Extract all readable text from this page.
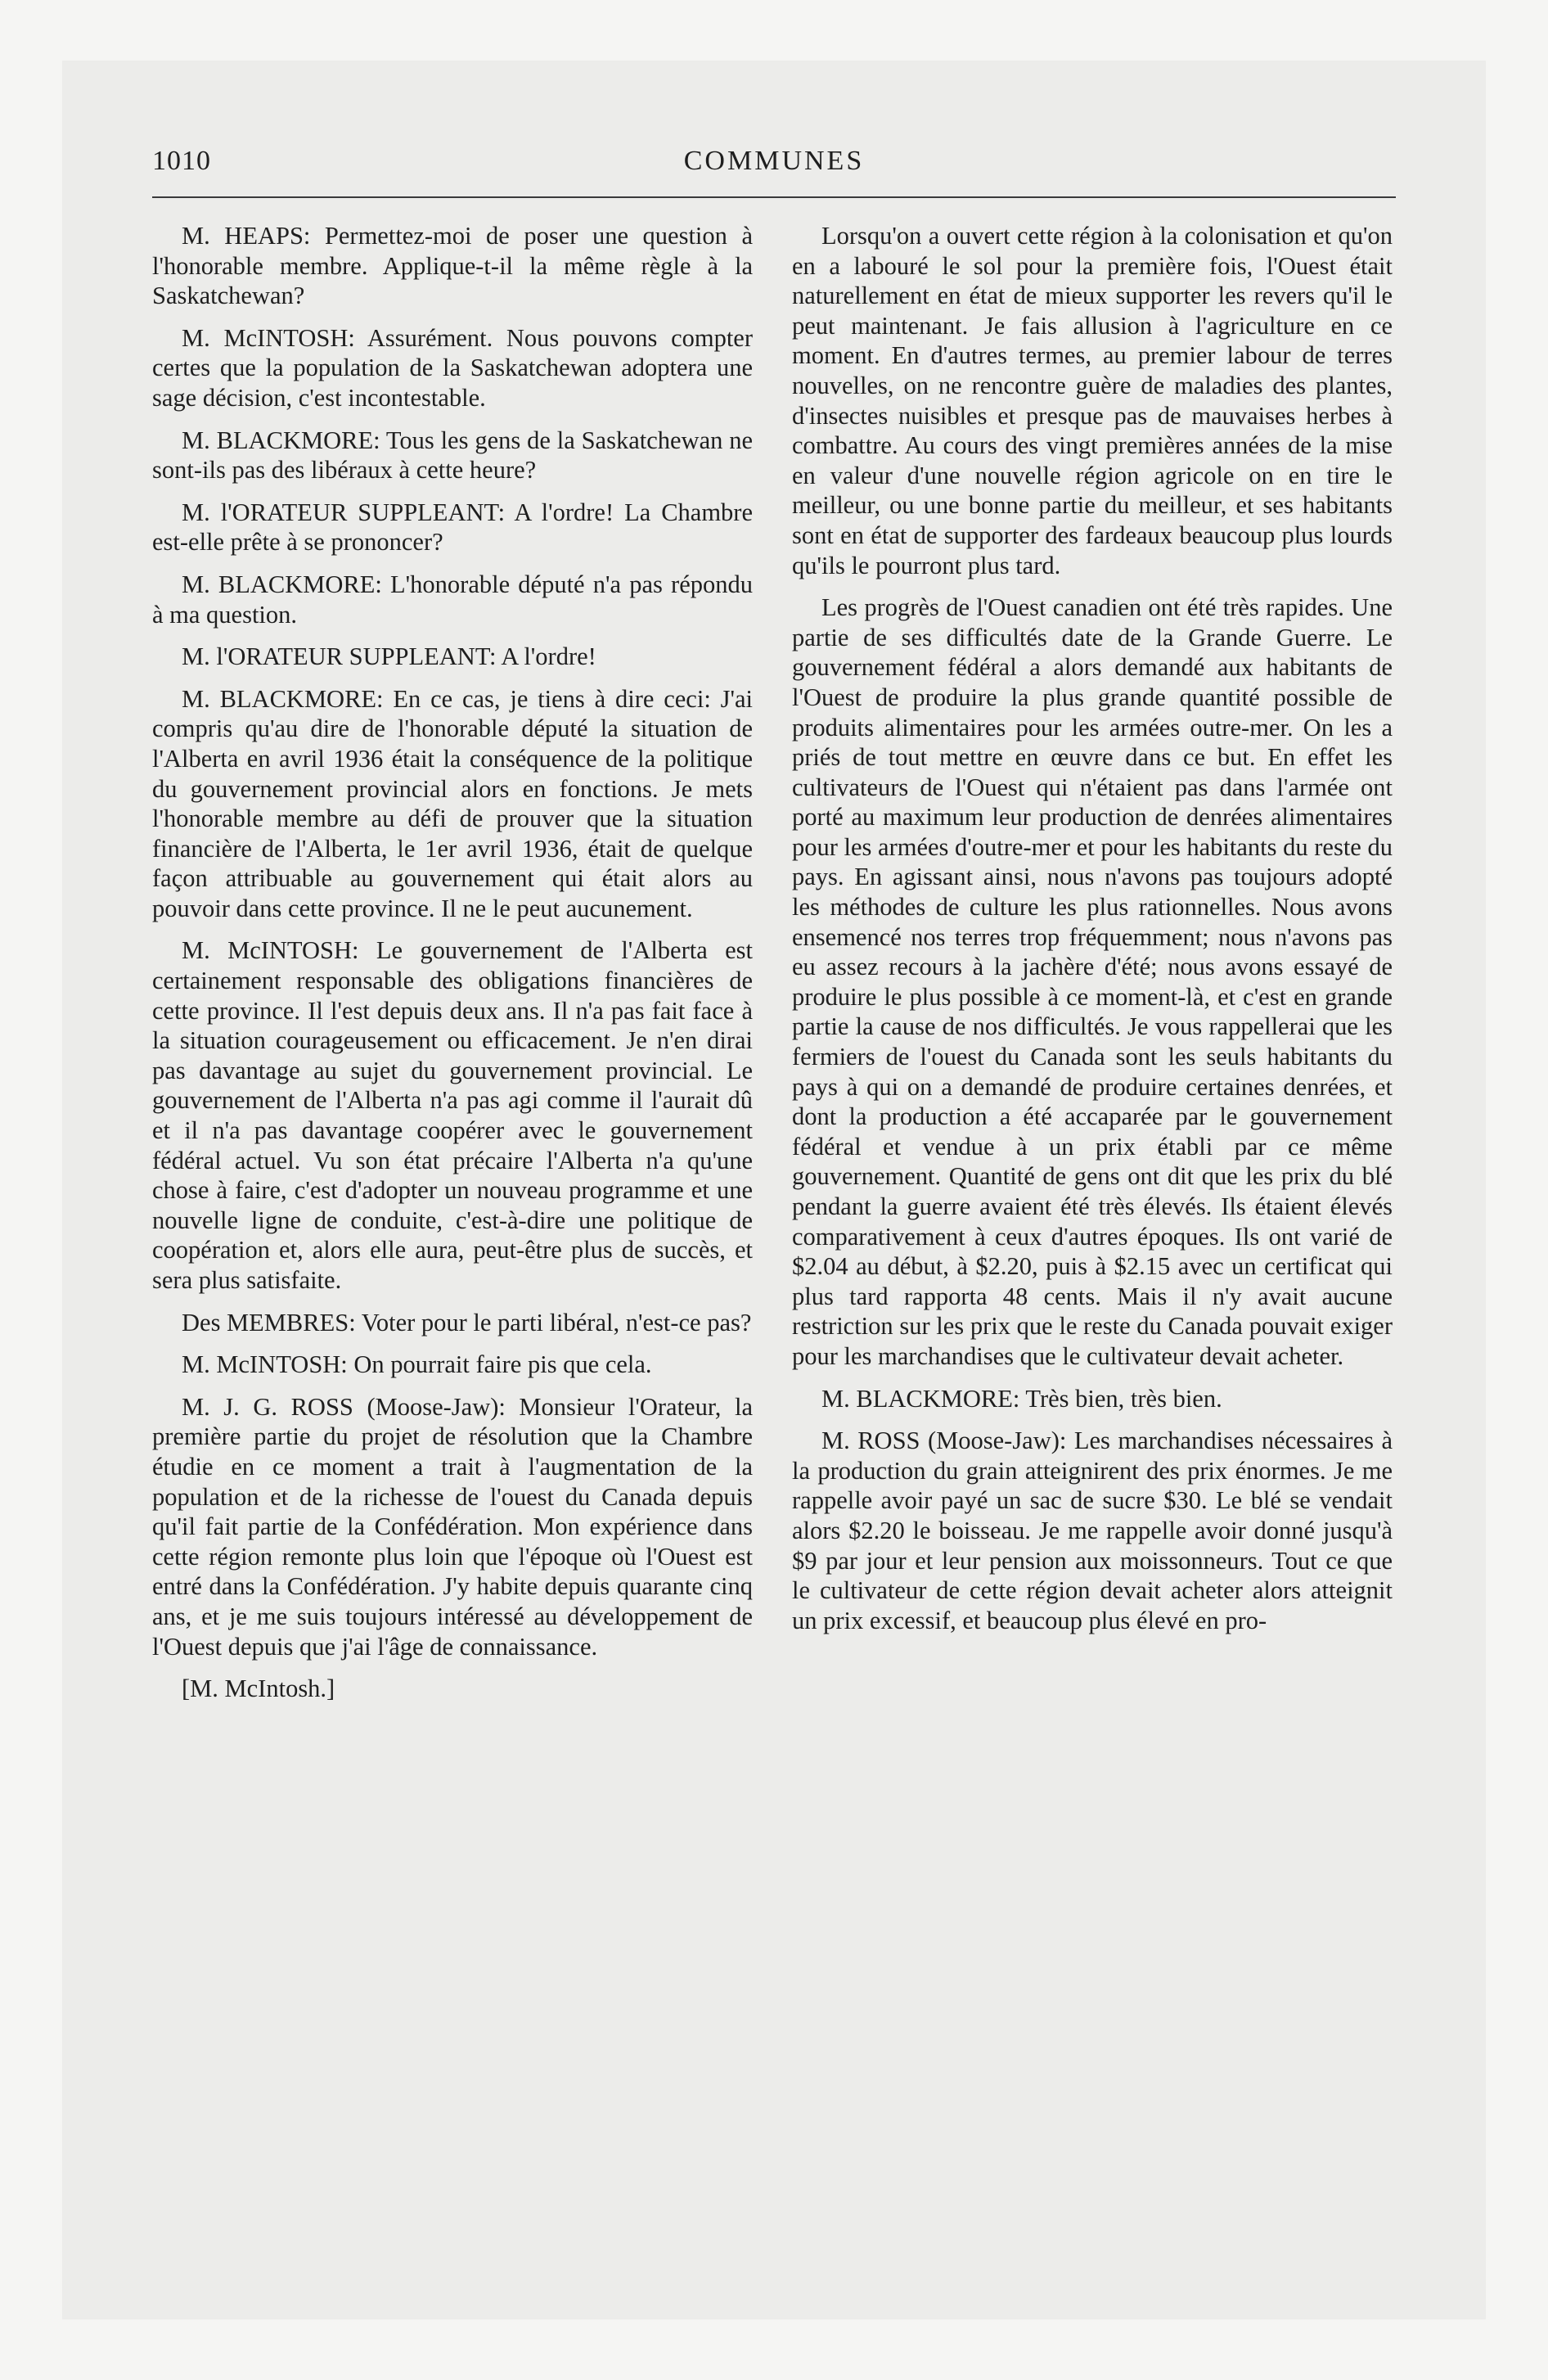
1010	COMMUNES

M. HEAPS: Permettez-moi de poser une question à l'honorable membre. Applique-t-il la même règle à la Saskatchewan?

M. McINTOSH: Assurément. Nous pouvons compter certes que la population de la Saskatchewan adoptera une sage décision, c'est incontestable.

M. BLACKMORE: Tous les gens de la Saskatchewan ne sont-ils pas des libéraux à cette heure?

M. l'ORATEUR SUPPLEANT: A l'ordre! La Chambre est-elle prête à se prononcer?

M. BLACKMORE: L'honorable député n'a pas répondu à ma question.

M. l'ORATEUR SUPPLEANT: A l'ordre!

M. BLACKMORE: En ce cas, je tiens à dire ceci: J'ai compris qu'au dire de l'honorable député la situation de l'Alberta en avril 1936 était la conséquence de la politique du gouvernement provincial alors en fonctions. Je mets l'honorable membre au défi de prouver que la situation financière de l'Alberta, le 1er avril 1936, était de quelque façon attribuable au gouvernement qui était alors au pouvoir dans cette province. Il ne le peut aucunement.

M. McINTOSH: Le gouvernement de l'Alberta est certainement responsable des obligations financières de cette province. Il l'est depuis deux ans. Il n'a pas fait face à la situation courageusement ou efficacement. Je n'en dirai pas davantage au sujet du gouvernement provincial. Le gouvernement de l'Alberta n'a pas agi comme il l'aurait dû et il n'a pas davantage coopérer avec le gouvernement fédéral actuel. Vu son état précaire l'Alberta n'a qu'une chose à faire, c'est d'adopter un nouveau programme et une nouvelle ligne de conduite, c'est-à-dire une politique de coopération et, alors elle aura, peut-être plus de succès, et sera plus satisfaite.

Des MEMBRES: Voter pour le parti libéral, n'est-ce pas?

M. McINTOSH: On pourrait faire pis que cela.

M. J. G. ROSS (Moose-Jaw): Monsieur l'Orateur, la première partie du projet de résolution que la Chambre étudie en ce moment a trait à l'augmentation de la population et de la richesse de l'ouest du Canada depuis qu'il fait partie de la Confédération. Mon expérience dans cette région remonte plus loin que l'époque où l'Ouest est entré dans la Confédération. J'y habite depuis quarante cinq ans, et je me suis toujours intéressé au développement de l'Ouest depuis que j'ai l'âge de connaissance.

[M. McIntosh.]

Lorsqu'on a ouvert cette région à la colonisation et qu'on en a labouré le sol pour la première fois, l'Ouest était naturellement en état de mieux supporter les revers qu'il le peut maintenant. Je fais allusion à l'agriculture en ce moment. En d'autres termes, au premier labour de terres nouvelles, on ne rencontre guère de maladies des plantes, d'insectes nuisibles et presque pas de mauvaises herbes à combattre. Au cours des vingt premières années de la mise en valeur d'une nouvelle région agricole on en tire le meilleur, ou une bonne partie du meilleur, et ses habitants sont en état de supporter des fardeaux beaucoup plus lourds qu'ils le pourront plus tard.

Les progrès de l'Ouest canadien ont été très rapides. Une partie de ses difficultés date de la Grande Guerre. Le gouvernement fédéral a alors demandé aux habitants de l'Ouest de produire la plus grande quantité possible de produits alimentaires pour les armées outre-mer. On les a priés de tout mettre en œuvre dans ce but. En effet les cultivateurs de l'Ouest qui n'étaient pas dans l'armée ont porté au maximum leur production de denrées alimentaires pour les armées d'outre-mer et pour les habitants du reste du pays. En agissant ainsi, nous n'avons pas toujours adopté les méthodes de culture les plus rationnelles. Nous avons ensemencé nos terres trop fréquemment; nous n'avons pas eu assez recours à la jachère d'été; nous avons essayé de produire le plus possible à ce moment-là, et c'est en grande partie la cause de nos difficultés. Je vous rappellerai que les fermiers de l'ouest du Canada sont les seuls habitants du pays à qui on a demandé de produire certaines denrées, et dont la production a été accaparée par le gouvernement fédéral et vendue à un prix établi par ce même gouvernement. Quantité de gens ont dit que les prix du blé pendant la guerre avaient été très élevés. Ils étaient élevés comparativement à ceux d'autres époques. Ils ont varié de $2.04 au début, à $2.20, puis à $2.15 avec un certificat qui plus tard rapporta 48 cents. Mais il n'y avait aucune restriction sur les prix que le reste du Canada pouvait exiger pour les marchandises que le cultivateur devait acheter.

M. BLACKMORE: Très bien, très bien.

M. ROSS (Moose-Jaw): Les marchandises nécessaires à la production du grain atteignirent des prix énormes. Je me rappelle avoir payé un sac de sucre $30. Le blé se vendait alors $2.20 le boisseau. Je me rappelle avoir donné jusqu'à $9 par jour et leur pension aux moissonneurs. Tout ce que le cultivateur de cette région devait acheter alors atteignit un prix excessif, et beaucoup plus élevé en pro-
